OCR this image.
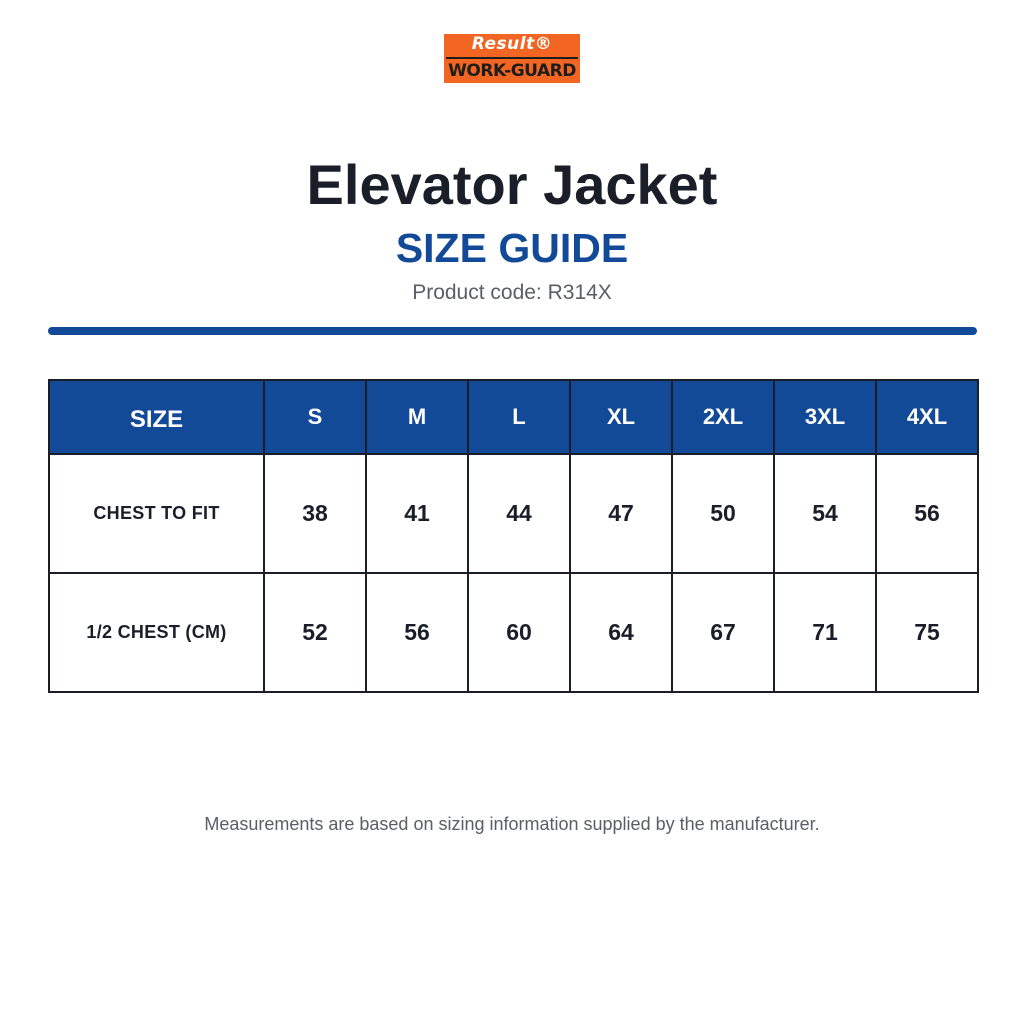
Result®
WORK-GUARD
Elevator Jacket
SIZE GUIDE
Product code: R314X
SIZE	S	M	L	XL	2XL	3XL	4XL
CHEST TO FIT	38	41	44	47	50	54	56
1/2 CHEST (CM)	52	56	60	64	67	71	75
Measurements are based on sizing information supplied by the manufacturer.
